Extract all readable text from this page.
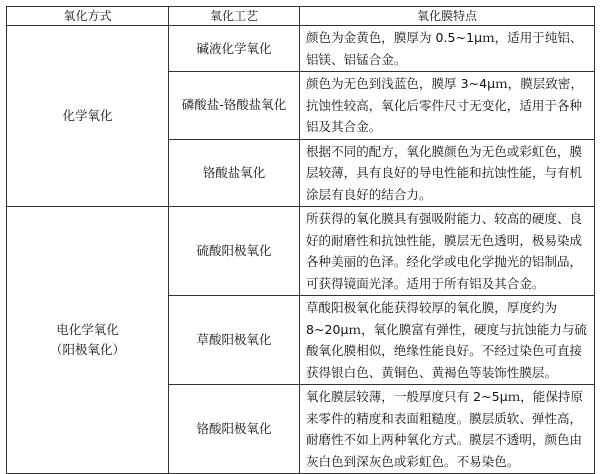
氧化方式	氧化工艺	氧化膜特点

化学氧化	碱液化学氧化	颜色为金黄色，膜厚为 0.5~1μｍ，适用于纯铝、铝镁、铝锰合金。
	磷酸盐-铬酸盐氧化	颜色为无色到浅蓝色，膜厚 3~4μｍ，膜层致密，抗蚀性较高，氧化后零件尺寸无变化，适用于各种铝及其合金。
	铬酸盐氧化	根据不同的配方，氧化膜颜色为无色或彩虹色，膜层较薄，具有良好的导电性能和抗蚀性能，与有机涂层有良好的结合力。

电化学氧化
（阳极氧化）	硫酸阳极氧化	所获得的氧化膜具有强吸附能力、较高的硬度、良好的耐磨性和抗蚀性能，膜层无色透明，极易染成各种美丽的色泽。经化学或电化学抛光的铝制品，可获得镜面光泽。适用于所有铝及其合金。
	草酸阳极氧化	草酸阳极氧化能获得较厚的氧化膜，厚度约为 8~20μｍ，氧化膜富有弹性，硬度与抗蚀能力与硫酸氧化膜相似，绝缘性能良好。不经过染色可直接获得银白色、黄铜色、黄褐色等装饰性膜层。
	铬酸阳极氧化	氧化膜层较薄，一般厚度只有 2~5μｍ，能保持原来零件的精度和表面粗糙度。膜层质软、弹性高，耐磨性不如上两种氧化方式。膜层不透明，颜色由灰白色到深灰色或彩虹色。不易染色。
